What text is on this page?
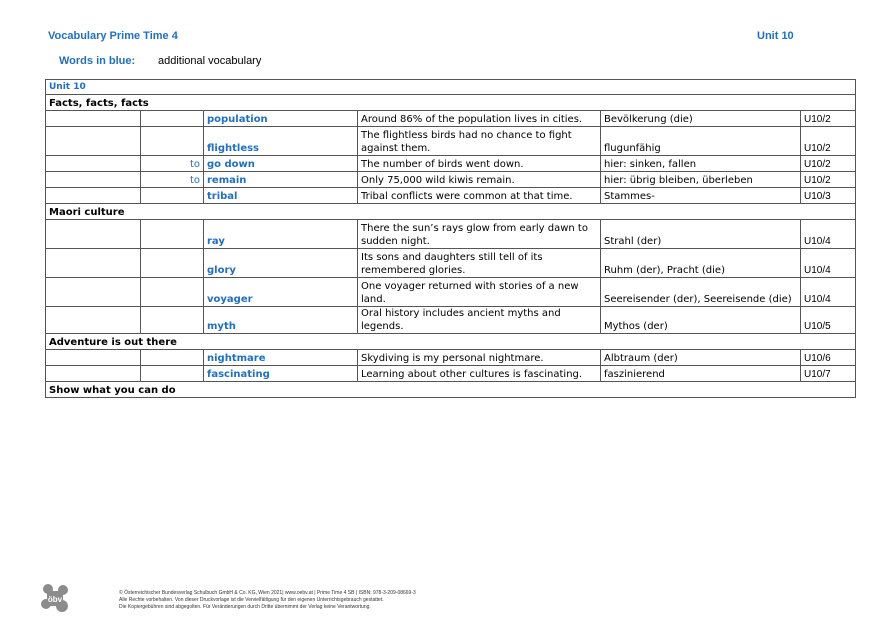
Vocabulary Prime Time 4	Unit 10
Words in blue: additional vocabulary
Unit 10					
Facts, facts, facts					
		population	Around 86% of the population lives in cities.	Bevölkerung (die)	U10/2
		flightless	The flightless birds had no chance to fight against them.	flugunfähig	U10/2
	to	go down	The number of birds went down.	hier: sinken, fallen	U10/2
	to	remain	Only 75,000 wild kiwis remain.	hier: übrig bleiben, überleben	U10/2
		tribal	Tribal conflicts were common at that time.	Stammes-	U10/3
Maori culture					
		ray	There the sun’s rays glow from early dawn to sudden night.	Strahl (der)	U10/4
		glory	Its sons and daughters still tell of its remembered glories.	Ruhm (der), Pracht (die)	U10/4
		voyager	One voyager returned with stories of a new land.	Seereisender (der), Seereisende (die)	U10/4
		myth	Oral history includes ancient myths and legends.	Mythos (der)	U10/5
Adventure is out there					
		nightmare	Skydiving is my personal nightmare.	Albtraum (der)	U10/6
		fascinating	Learning about other cultures is fascinating.	faszinierend	U10/7
Show what you can do					
öbv
© Österreichischer Bundesverlag Schulbuch GmbH & Co. KG, Wien 2021| www.oebv.at | Prime Time 4 SB | ISBN: 978-3-209-08669-3
Alle Rechte vorbehalten. Von dieser Druckvorlage ist die Vervielfältigung für den eigenen Unterrichtsgebrauch gestattet.
Die Kopiergebühren sind abgegolten. Für Veränderungen durch Dritte übernimmt der Verlag keine Verantwortung.
